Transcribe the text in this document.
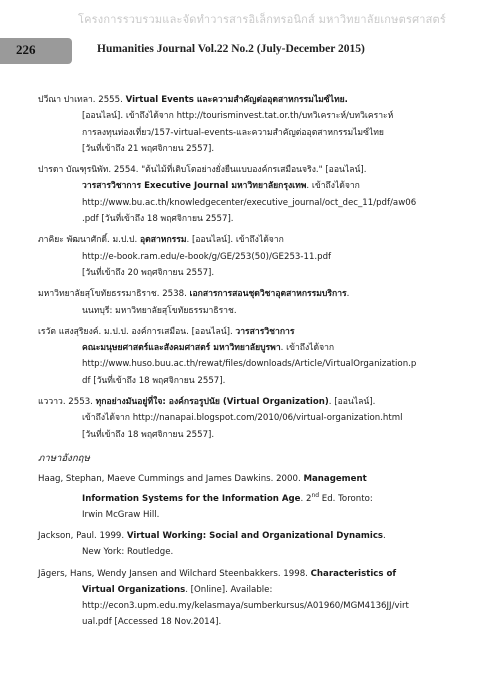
โครงการรวบรวมและจัดทำวารสารอิเล็กทรอนิกส์ มหาวิทยาลัยเกษตรศาสตร์
226	Humanities Journal Vol.22 No.2 (July-December 2015)
ปวีณา ปาเทลา. 2555. Virtual Events และความสำคัญต่ออุตสาหกรรมไมซ์ไทย.
[ออนไลน์]. เข้าถึงได้จาก http://tourisminvest.tat.or.th/บทวิเคราะห์/บทวิเคราะห์
การลงทุนท่องเที่ยว/157-virtual-events-และความสำคัญต่ออุตสาหกรรมไมซ์ไทย
[วันที่เข้าถึง 21 พฤศจิกายน 2557].
ปารดา บัณฑุรนิพัท. 2554. "ต้นไม้ที่เติบโตอย่างยั่งยืนแบบองค์กรเสมือนจริง." [ออนไลน์].
วารสารวิชาการ Executive Journal มหาวิทยาลัยกรุงเทพ. เข้าถึงได้จาก
http://www.bu.ac.th/knowledgecenter/executive_journal/oct_dec_11/pdf/aw06
.pdf [วันที่เข้าถึง 18 พฤศจิกายน 2557].
ภาคิยะ พัฒนาศักดิ์. ม.ป.ป. อุตสาหกรรม. [ออนไลน์]. เข้าถึงได้จาก
http://e-book.ram.edu/e-book/g/GE/253(50)/GE253-11.pdf
[วันที่เข้าถึง 20 พฤศจิกายน 2557].
มหาวิทยาลัยสุโขทัยธรรมาธิราช. 2538. เอกสารการสอนชุดวิชาอุตสาหกรรมบริการ.
นนทบุรี: มหาวิทยาลัยสุโขทัยธรรมาธิราช.
เรวัต แสงสุริยงค์. ม.ป.ป. องค์การเสมือน. [ออนไลน์]. วารสารวิชาการ
คณะมนุษยศาสตร์และสังคมศาสตร์ มหาวิทยาลัยบูรพา. เข้าถึงได้จาก
http://www.huso.buu.ac.th/rewat/files/downloads/Article/VirtualOrganization.p
df [วันที่เข้าถึง 18 พฤศจิกายน 2557].
แววาว. 2553. ทุกอย่างมันอยู่ที่ใจ: องค์กรอรูปนัย (Virtual Organization). [ออนไลน์].
เข้าถึงได้จาก http://nanapai.blogspot.com/2010/06/virtual-organization.html
[วันที่เข้าถึง 18 พฤศจิกายน 2557].
ภาษาอังกฤษ
Haag, Stephan, Maeve Cummings and James Dawkins. 2000. Management
Information Systems for the Information Age. 2nd Ed. Toronto:
Irwin McGraw Hill.
Jackson, Paul. 1999. Virtual Working: Social and Organizational Dynamics.
New York: Routledge.
Jägers, Hans, Wendy Jansen and Wilchard Steenbakkers. 1998. Characteristics of
Virtual Organizations. [Online]. Available:
http://econ3.upm.edu.my/kelasmaya/sumberkursus/A01960/MGM4136JJ/virt
ual.pdf [Accessed 18 Nov.2014].
